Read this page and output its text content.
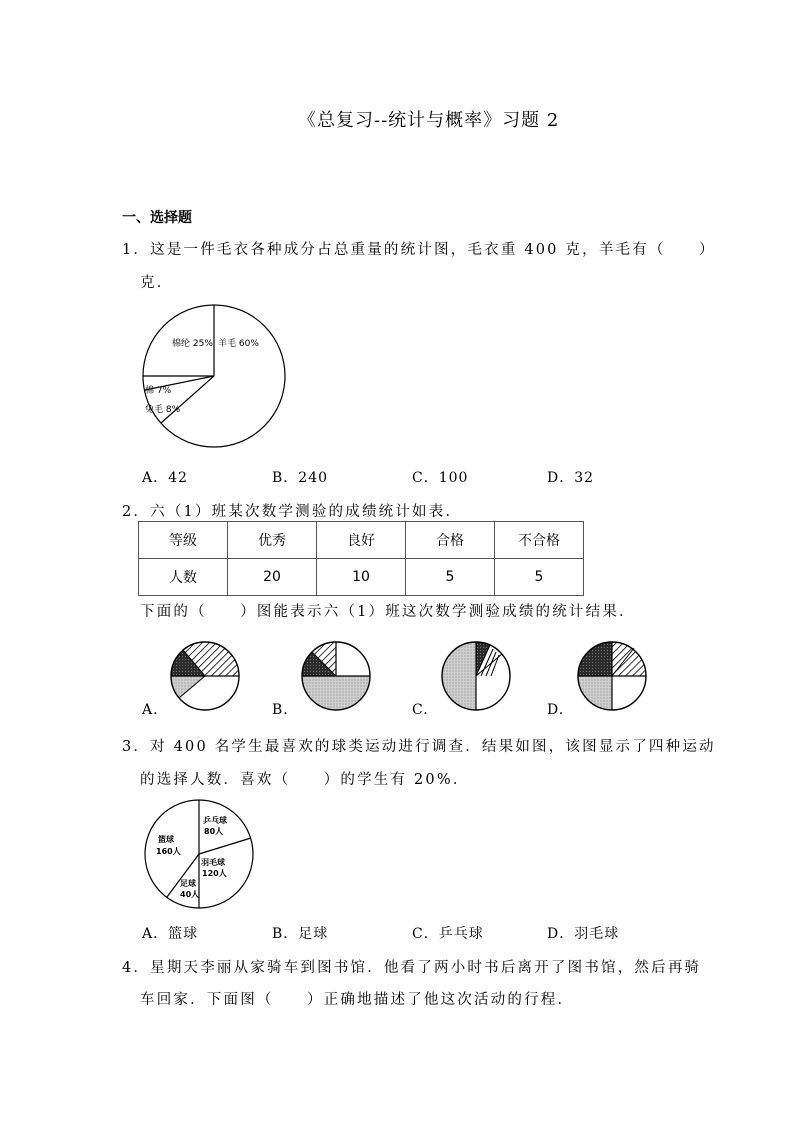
《总复习--统计与概率》习题 2
一、选择题
1．这是一件毛衣各种成分占总重量的统计图，毛衣重 400 克，羊毛有（　　）
克．
羊毛 60%
棉纶 25%
棉 7%
兔毛 8%
A．42	B．240	C．100	D．32
2．六（1）班某次数学测验的成绩统计如表．
等级	优秀	良好	合格	不合格
人数	20	10	5	5
下面的（　　）图能表示六（1）班这次数学测验成绩的统计结果．
A.	B.	C.	D.
3．对 400 名学生最喜欢的球类运动进行调查．结果如图，该图显示了四种运动
的选择人数．喜欢（　　）的学生有 20%．
乒乓球
80人
羽毛球
120人
足球
40人
篮球
160人
A．篮球	B．足球	C．乒乓球	D．羽毛球
4．星期天李丽从家骑车到图书馆．他看了两小时书后离开了图书馆，然后再骑
车回家．下面图（　　）正确地描述了他这次活动的行程．
